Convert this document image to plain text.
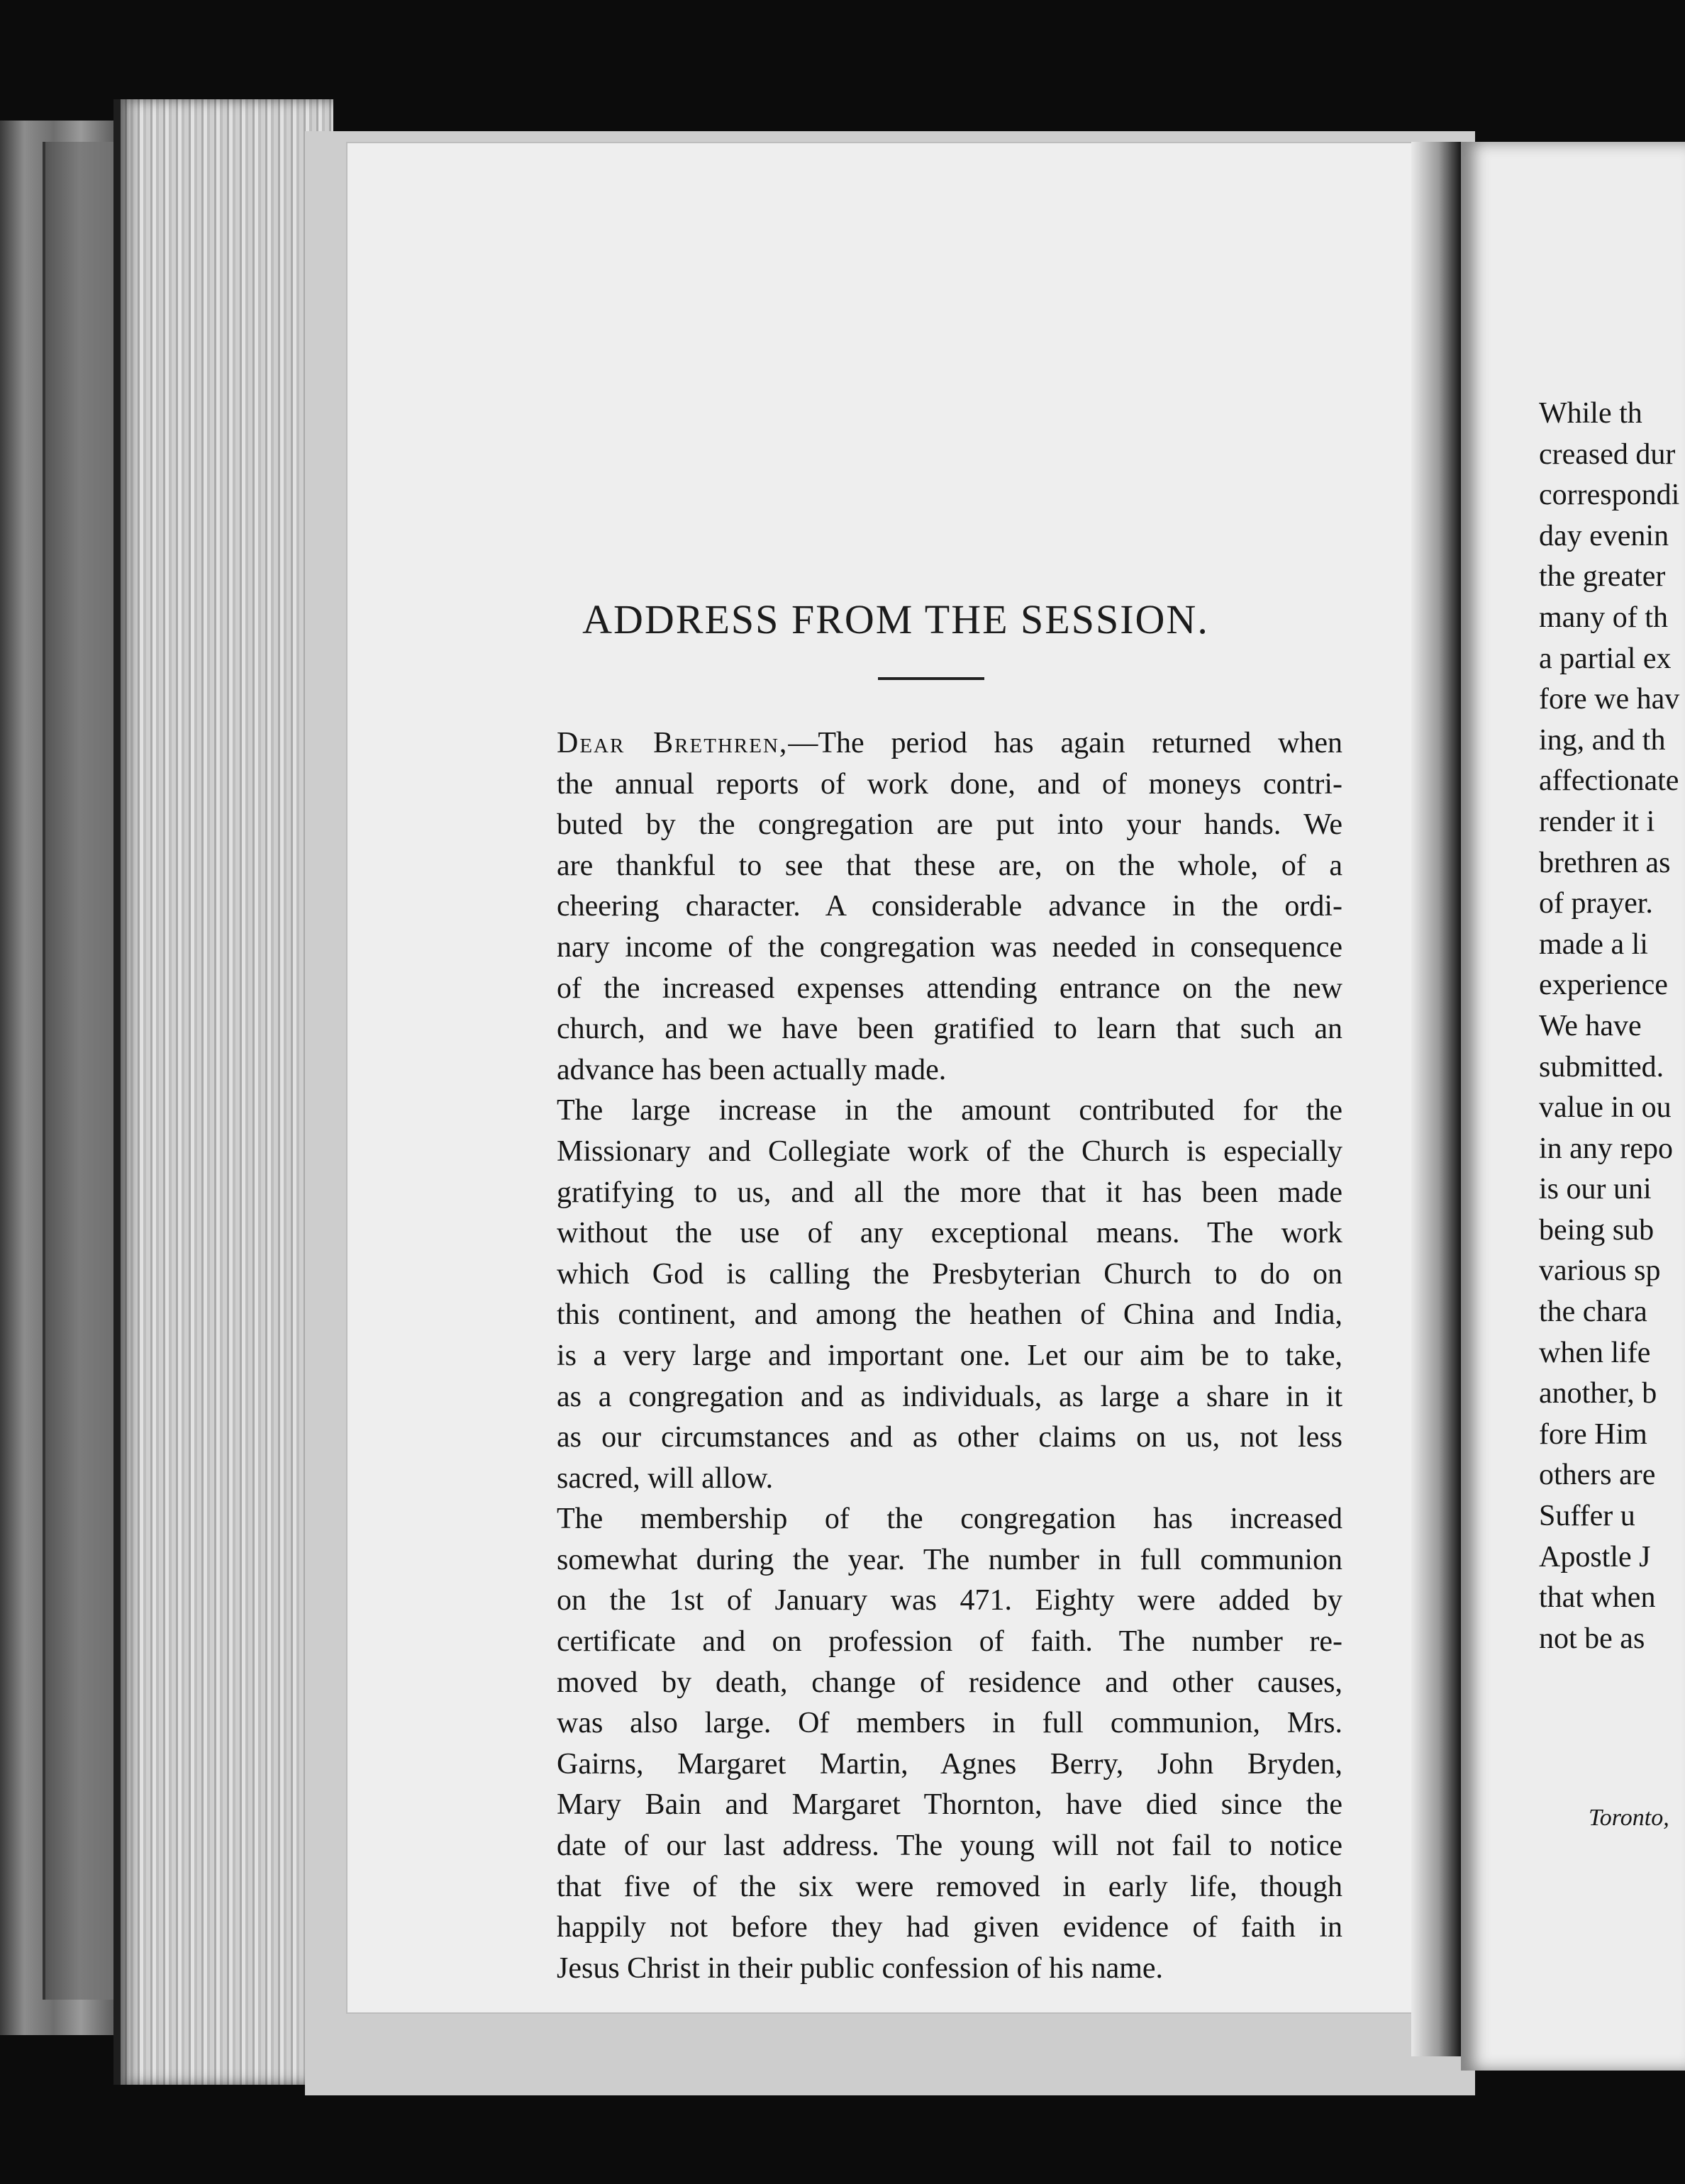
ADDRESS FROM THE SESSION.

Dear Brethren,—The period has again returned when
the annual reports of work done, and of moneys contri-
buted by the congregation are put into your hands. We
are thankful to see that these are, on the whole, of a
cheering character. A considerable advance in the ordi-
nary income of the congregation was needed in consequence
of the increased expenses attending entrance on the new
church, and we have been gratified to learn that such an
advance has been actually made.

The large increase in the amount contributed for the
Missionary and Collegiate work of the Church is especially
gratifying to us, and all the more that it has been made
without the use of any exceptional means. The work
which God is calling the Presbyterian Church to do on
this continent, and among the heathen of China and India,
is a very large and important one. Let our aim be to take,
as a congregation and as individuals, as large a share in it
as our circumstances and as other claims on us, not less
sacred, will allow.

The membership of the congregation has increased
somewhat during the year. The number in full communion
on the 1st of January was 471. Eighty were added by
certificate and on profession of faith. The number re-
moved by death, change of residence and other causes,
was also large. Of members in full communion, Mrs.
Gairns, Margaret Martin, Agnes Berry, John Bryden,
Mary Bain and Margaret Thornton, have died since the
date of our last address. The young will not fail to notice
that five of the six were removed in early life, though
happily not before they had given evidence of faith in
Jesus Christ in their public confession of his name.

While th
creased dur
correspondi
day evenin
the greater
many of th
a partial ex
fore we hav
ing, and th
affectionate
render it i
brethren as
of prayer.
made a li
experience
We have
submitted.
value in ou
in any repo
is our uni
being sub
various sp
the chara
when life
another, b
fore Him
others are
Suffer u
Apostle J
that when
not be as
Toronto,
